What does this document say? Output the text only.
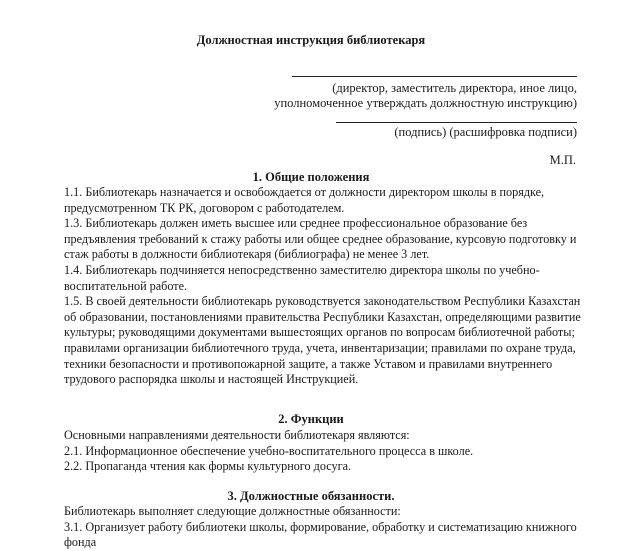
Должностная инструкция библиотекаря
(директор, заместитель директора, иное лицо,
уполномоченное утверждать должностную инструкцию)
(подпись) (расшифровка подписи)
М.П.
1. Общие положения

1.1. Библиотекарь назначается и освобождается от должности директором школы в порядке, предусмотренном ТК РК, договором с работодателем.

1.3. Библиотекарь должен иметь высшее или среднее профессиональное образование без предъявления требований к стажу работы или общее среднее образование, курсовую подготовку и стаж работы в должности библиотекаря (библиографа) не менее 3 лет.

1.4. Библиотекарь подчиняется непосредственно заместителю директора школы по учебно-воспитательной работе.

1.5. В своей деятельности библиотекарь руководствуется законодательством Республики Казахстан об образовании, постановлениями правительства Республики Казахстан, определяющими развитие культуры; руководящими документами вышестоящих органов по вопросам библиотечной работы; правилами организации библиотечного труда, учета, инвентаризации; правилами по охране труда, техники безопасности и противопожарной защите, а также Уставом и правилами внутреннего трудового распорядка школы и настоящей Инструкцией.

2. Функции

Основными направлениями деятельности библиотекаря являются:

2.1. Информационное обеспечение учебно-воспитательного процесса в школе.

2.2. Пропаганда чтения как формы культурного досуга.

3. Должностные обязанности.

Библиотекарь выполняет следующие должностные обязанности:

3.1. Организует работу библиотеки школы, формирование, обработку и систематизацию книжного фонда
